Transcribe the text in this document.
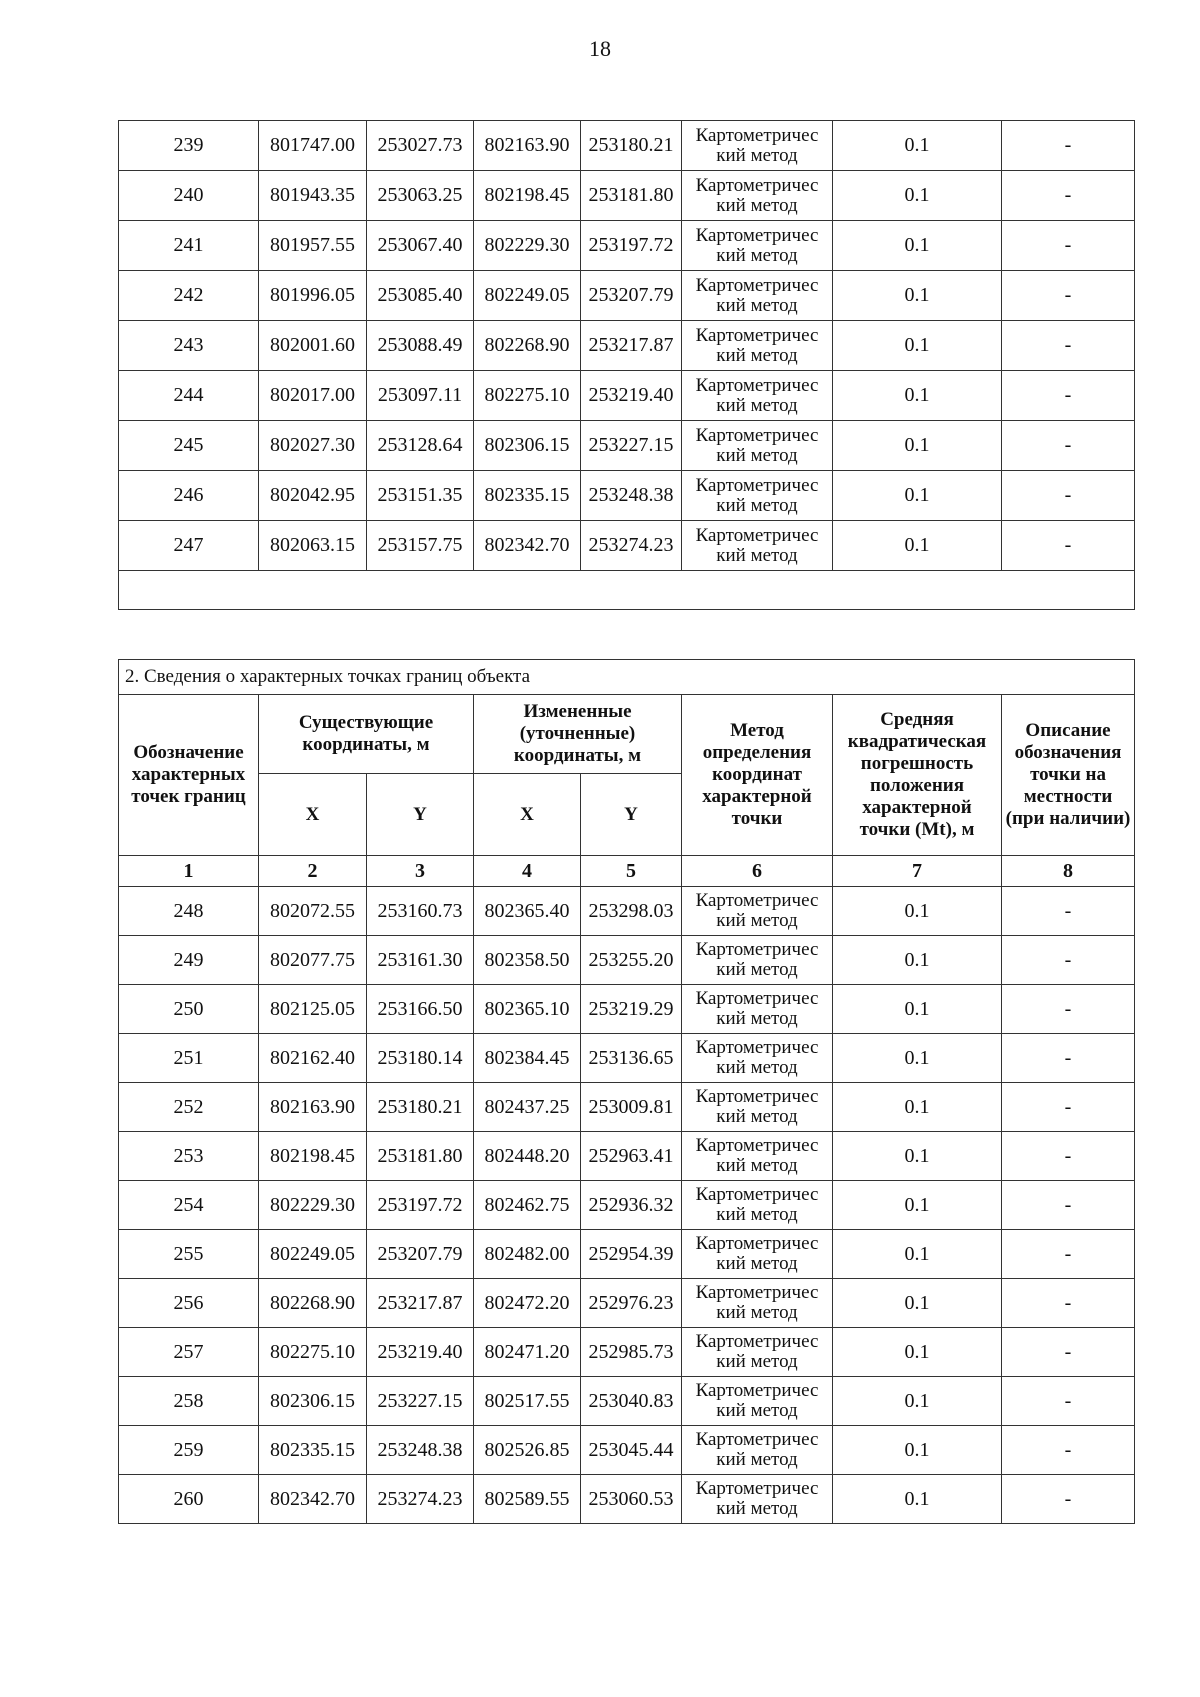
18
239	801747.00	253027.73	802163.90	253180.21	Картометричес кий метод	0.1	-
240	801943.35	253063.25	802198.45	253181.80	Картометричес кий метод	0.1	-
241	801957.55	253067.40	802229.30	253197.72	Картометричес кий метод	0.1	-
242	801996.05	253085.40	802249.05	253207.79	Картометричес кий метод	0.1	-
243	802001.60	253088.49	802268.90	253217.87	Картометричес кий метод	0.1	-
244	802017.00	253097.11	802275.10	253219.40	Картометричес кий метод	0.1	-
245	802027.30	253128.64	802306.15	253227.15	Картометричес кий метод	0.1	-
246	802042.95	253151.35	802335.15	253248.38	Картометричес кий метод	0.1	-
247	802063.15	253157.75	802342.70	253274.23	Картометричес кий метод	0.1	-

2. Сведения о характерных точках границ объекта							
Обозначение характерных точек границ	Существующие координаты, м		Измененные (уточненные) координаты, м		Метод определения координат характерной точки	Средняя квадратическая погрешность положения характерной точки (Mt), м	Описание обозначения точки на местности (при наличии)
	X	Y	X	Y			
1	2	3	4	5	6	7	8
248	802072.55	253160.73	802365.40	253298.03	Картометричес кий метод	0.1	-
249	802077.75	253161.30	802358.50	253255.20	Картометричес кий метод	0.1	-
250	802125.05	253166.50	802365.10	253219.29	Картометричес кий метод	0.1	-
251	802162.40	253180.14	802384.45	253136.65	Картометричес кий метод	0.1	-
252	802163.90	253180.21	802437.25	253009.81	Картометричес кий метод	0.1	-
253	802198.45	253181.80	802448.20	252963.41	Картометричес кий метод	0.1	-
254	802229.30	253197.72	802462.75	252936.32	Картометричес кий метод	0.1	-
255	802249.05	253207.79	802482.00	252954.39	Картометричес кий метод	0.1	-
256	802268.90	253217.87	802472.20	252976.23	Картометричес кий метод	0.1	-
257	802275.10	253219.40	802471.20	252985.73	Картометричес кий метод	0.1	-
258	802306.15	253227.15	802517.55	253040.83	Картометричес кий метод	0.1	-
259	802335.15	253248.38	802526.85	253045.44	Картометричес кий метод	0.1	-
260	802342.70	253274.23	802589.55	253060.53	Картометричес кий метод	0.1	-
